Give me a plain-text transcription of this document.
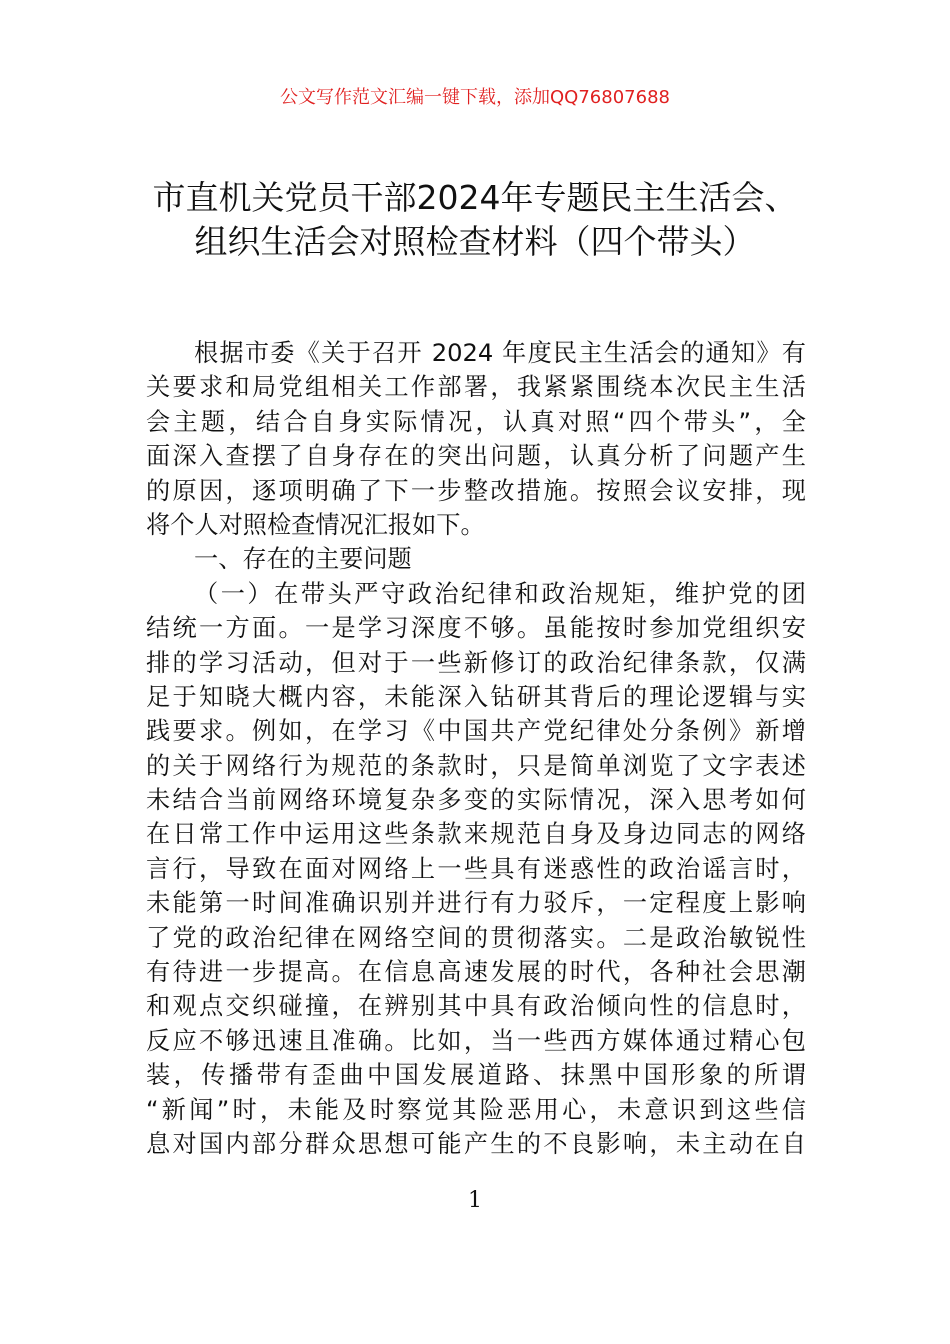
公文写作范文汇编一键下载，添加QQ76807688
市直机关党员干部2024年专题民主生活会、
组织生活会对照检查材料（四个带头）
根据市委《关于召开 2024 年度民主生活会的通知》有
关要求和局党组相关工作部署，我紧紧围绕本次民主生活
会主题，结合自身实际情况，认真对照“四个带头”，全
面深入查摆了自身存在的突出问题，认真分析了问题产生
的原因，逐项明确了下一步整改措施。按照会议安排，现
将个人对照检查情况汇报如下。
一、存在的主要问题
（一）在带头严守政治纪律和政治规矩，维护党的团
结统一方面。一是学习深度不够。虽能按时参加党组织安
排的学习活动，但对于一些新修订的政治纪律条款，仅满
足于知晓大概内容，未能深入钻研其背后的理论逻辑与实
践要求。例如，在学习《中国共产党纪律处分条例》新增
的关于网络行为规范的条款时，只是简单浏览了文字表述
未结合当前网络环境复杂多变的实际情况，深入思考如何
在日常工作中运用这些条款来规范自身及身边同志的网络
言行，导致在面对网络上一些具有迷惑性的政治谣言时，
未能第一时间准确识别并进行有力驳斥，一定程度上影响
了党的政治纪律在网络空间的贯彻落实。二是政治敏锐性
有待进一步提高。在信息高速发展的时代，各种社会思潮
和观点交织碰撞，在辨别其中具有政治倾向性的信息时，
反应不够迅速且准确。比如，当一些西方媒体通过精心包
装，传播带有歪曲中国发展道路、抹黑中国形象的所谓
“新闻”时，未能及时察觉其险恶用心，未意识到这些信
息对国内部分群众思想可能产生的不良影响，未主动在自
1
